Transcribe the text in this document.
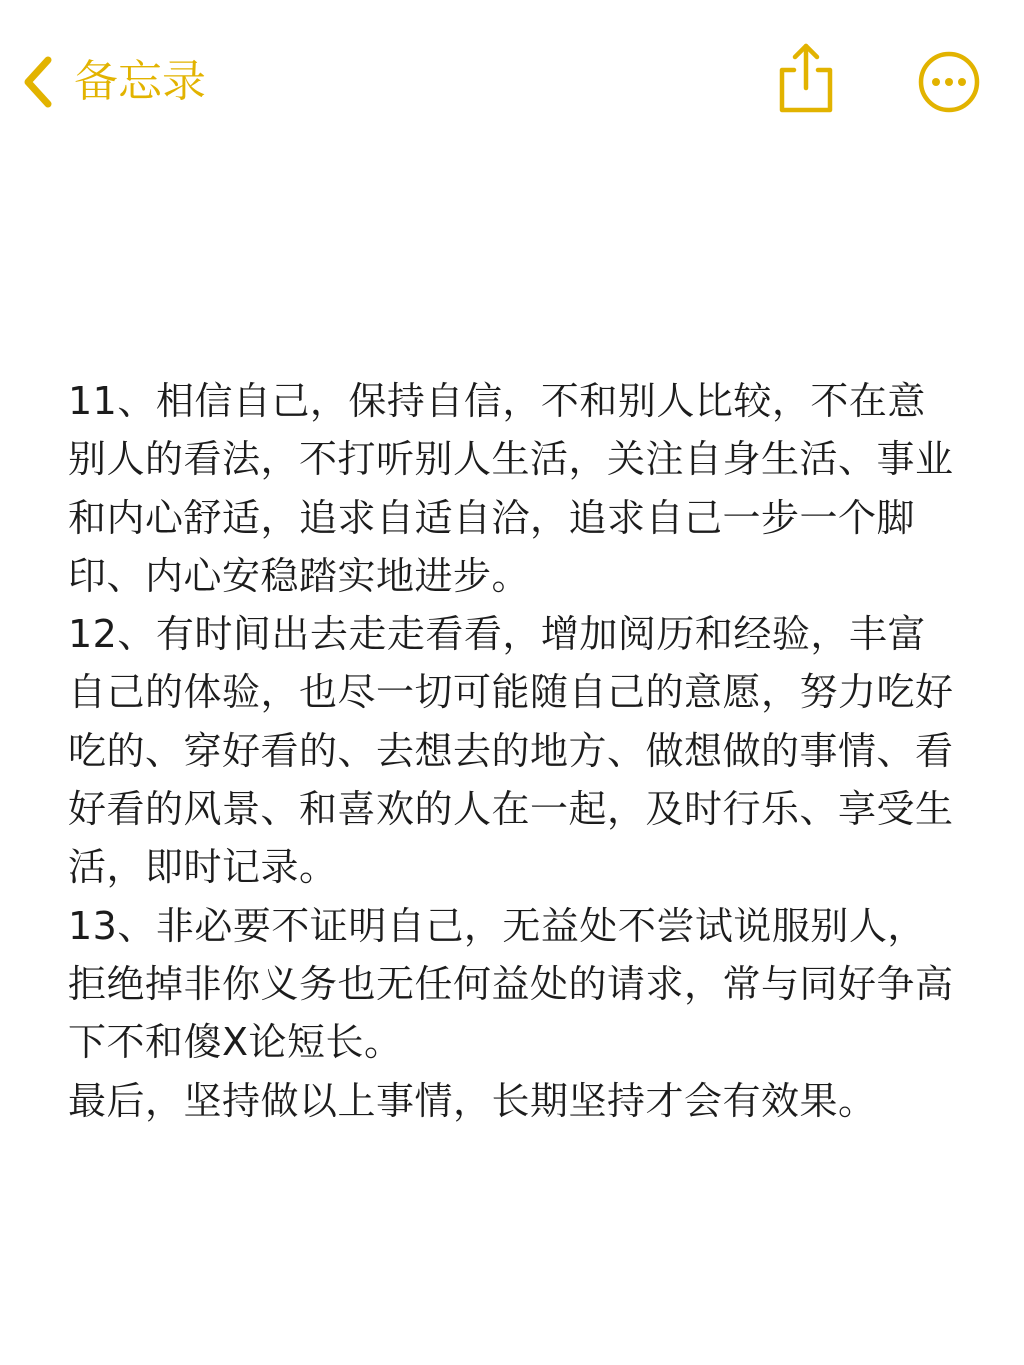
备忘录

11、相信自己，保持自信，不和别人比较，不在意别人的看法，不打听别人生活，关注自身生活、事业和内心舒适，追求自适自洽，追求自己一步一个脚印、内心安稳踏实地进步。

12、有时间出去走走看看，增加阅历和经验，丰富自己的体验，也尽一切可能随自己的意愿，努力吃好吃的、穿好看的、去想去的地方、做想做的事情、看好看的风景、和喜欢的人在一起，及时行乐、享受生活，即时记录。

13、非必要不证明自己，无益处不尝试说服别人，拒绝掉非你义务也无任何益处的请求，常与同好争高下不和傻X论短长。

最后，坚持做以上事情，长期坚持才会有效果。
